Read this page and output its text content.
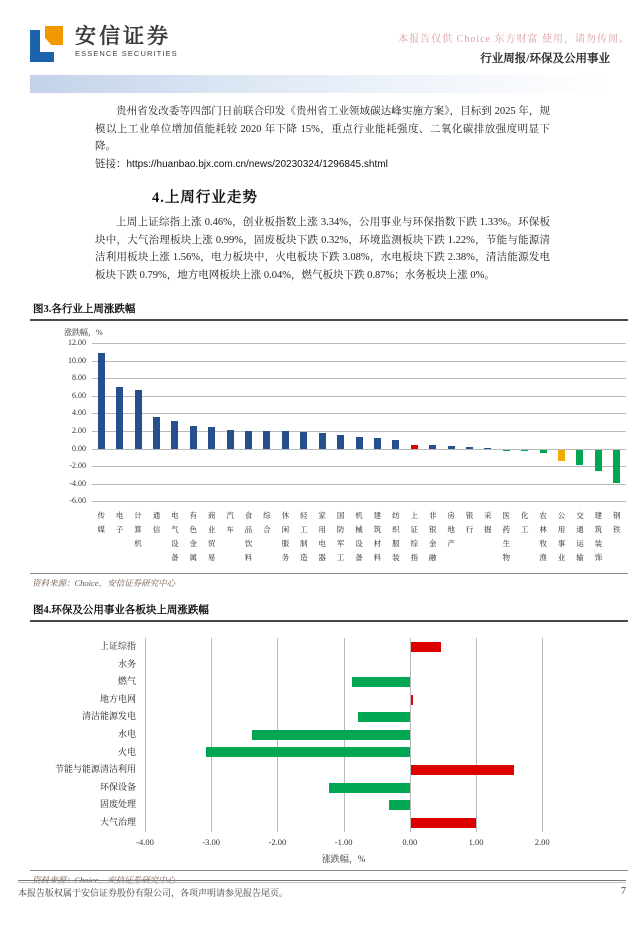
本报告仅供 Choice 东方财富 使用，请勿传阅。
安信证券
ESSENCE SECURITIES	行业周报/环保及公用事业

贵州省发改委等四部门日前联合印发《贵州省工业领域碳达峰实施方案》，目标到 2025 年，规模以上工业单位增加值能耗较 2020 年下降 15%，重点行业能耗强度、二氧化碳排放强度明显下降。

链接：https://huanbao.bjx.com.cn/news/20230324/1296845.shtml
4.上周行业走势

上周上证综指上涨 0.46%，创业板指数上涨 3.34%，公用事业与环保指数下跌 1.33%。环保板块中，大气治理板块上涨 0.99%，固废板块下跌 0.32%，环境监测板块下跌 1.22%，节能与能源清洁利用板块上涨 1.56%，电力板块中，火电板块下跌 3.08%，水电板块下跌 2.38%，清洁能源发电板块下跌 0.79%，地方电网板块上涨 0.04%，燃气板块下跌 0.87%；水务板块上涨 0%。

图3.各行业上周涨跌幅
涨跌幅，%
12.00
10.00
8.00
6.00
4.00
2.00
0.00
-2.00
-4.00
-6.00
传
媒
电
子
计
算
机
通
信
电
气
设
备
有
色
金
属
商
业
贸
易
汽
车
食
品
饮
料
综
合
休
闲
服
务
轻
工
制
造
家
用
电
器
国
防
军
工
机
械
设
备
建
筑
材
料
纺
织
服
装
上
证
综
指
非
银
金
融
房
地
产
银
行
采
掘
医
药
生
物
化
工
农
林
牧
渔
公
用
事
业
交
通
运
输
建
筑
装
饰
钢
铁
资料来源：Choice，安信证券研究中心
图4.环保及公用事业各板块上周涨跌幅
-4.00	-3.00	-2.00	-1.00	0.00	1.00	2.00
上证综指
水务
燃气
地方电网
清洁能源发电
水电
火电
节能与能源清洁利用
环保设备
固废处理
大气治理
涨跌幅，%
资料来源：Choice，安信证券研究中心
本报告版权属于安信证券股份有限公司，各项声明请参见报告尾页。	7
